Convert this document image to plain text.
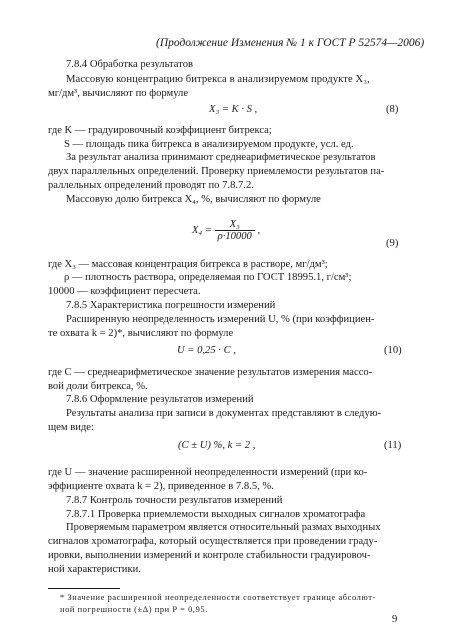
(Продолжение Изменения № 1 к ГОСТ Р 52574—2006)
7.8.4 Обработка результатов
Массовую концентрацию битрекса в анализируемом продукте X₃,
мг/дм³, вычисляют по формуле
X₃ = K · S ,	(8)
где K — градуировочный коэффициент битрекса;
S — площадь пика битрекса в анализируемом продукте, усл. ед.
За результат анализа принимают среднеарифметическое результатов
двух параллельных определений. Проверку приемлемости результатов па-
раллельных определений проводят по 7.8.7.2.
Массовую долю битрекса X₄, %, вычисляют по формуле
$X_4 = \frac{\text{X₃}}{\rho\cdot 10000}$ ,
(9)
где X₃ — массовая концентрация битрекса в растворе, мг/дм³;
ρ — плотность раствора, определяемая по ГОСТ 18995.1, г/см³;
10000 — коэффициент пересчета.
7.8.5 Характеристика погрешности измерений
Расширенную неопределенность измерений U, % (при коэффициен-
те охвата k = 2)*, вычисляют по формуле
U = 0,25 · C ,	(10)
где C — среднеарифметическое значение результатов измерения массо-
вой доли битрекса, %.
7.8.6 Оформление результатов измерений
Результаты анализа при записи в документах представляют в следую-
щем виде:
(C ± U) %, k = 2 ,	(11)
где U — значение расширенной неопределенности измерений (при ко-
эффициенте охвата k = 2), приведенное в 7.8.5, %.
7.8.7 Контроль точности результатов измерений
7.8.7.1 Проверка приемлемости выходных сигналов хроматографа
Проверяемым параметром является относительный размах выходных
сигналов хроматографа, который осуществляется при проведении граду-
ировки, выполнении измерений и контроле стабильности градуировоч-
ной характеристики.
* Значение расширенной неопределенности соответствует границе абсолют-
ной погрешности (±Δ) при P = 0,95.
9
